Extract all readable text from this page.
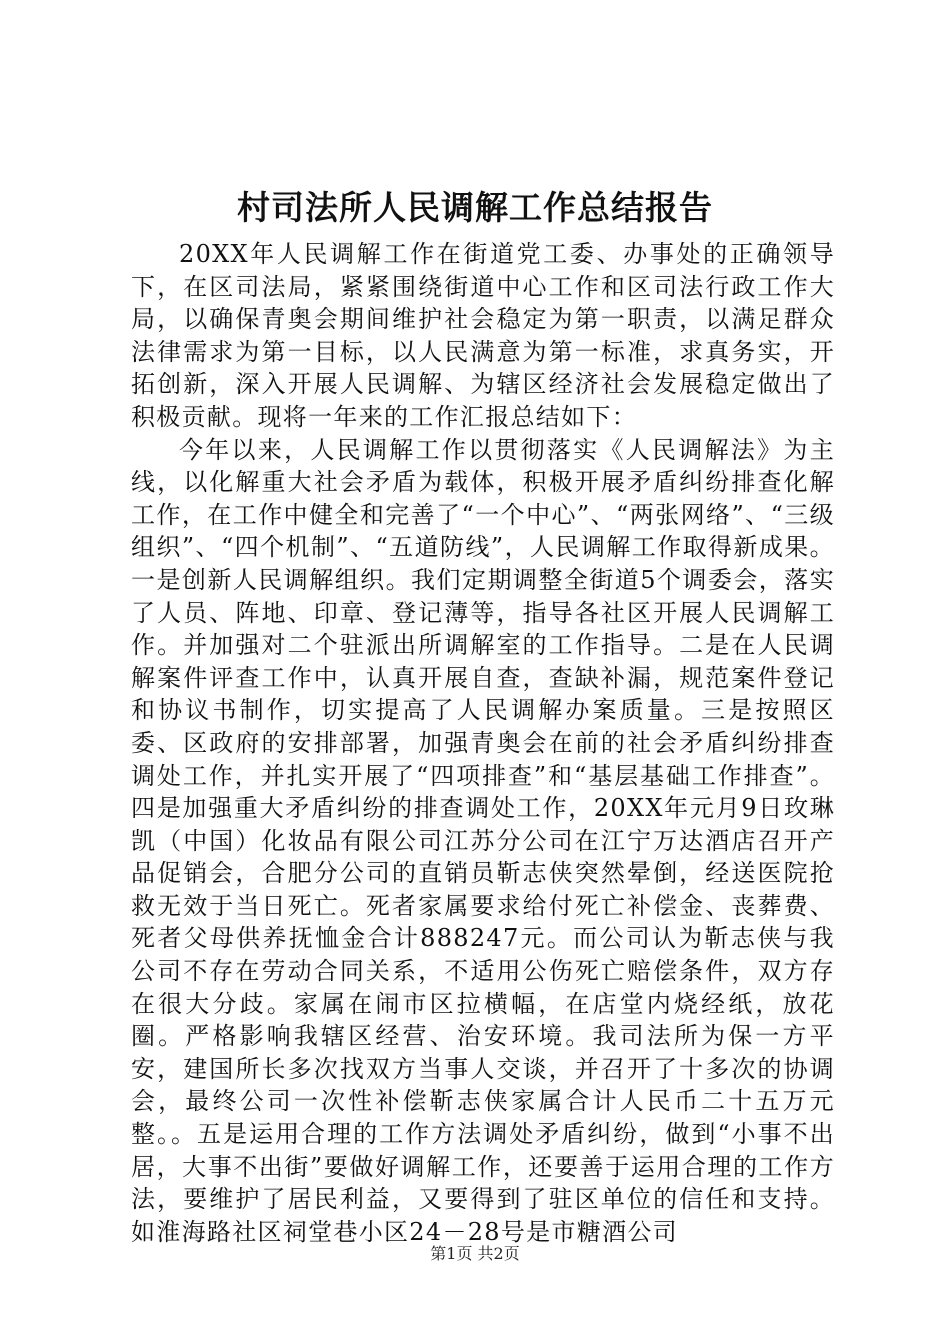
村司法所人民调解工作总结报告

20XX年人民调解工作在街道党工委、办事处的正确领导下，在区司法局，紧紧围绕街道中心工作和区司法行政工作大局，以确保青奥会期间维护社会稳定为第一职责，以满足群众法律需求为第一目标，以人民满意为第一标准，求真务实，开拓创新，深入开展人民调解、为辖区经济社会发展稳定做出了积极贡献。现将一年来的工作汇报总结如下：

今年以来，人民调解工作以贯彻落实《人民调解法》为主线，以化解重大社会矛盾为载体，积极开展矛盾纠纷排查化解工作，在工作中健全和完善了“一个中心”、“两张网络”、“三级组织”、“四个机制”、“五道防线”，人民调解工作取得新成果。一是创新人民调解组织。我们定期调整全街道5个调委会，落实了人员、阵地、印章、登记薄等，指导各社区开展人民调解工作。并加强对二个驻派出所调解室的工作指导。二是在人民调解案件评查工作中，认真开展自查，查缺补漏，规范案件登记和协议书制作，切实提高了人民调解办案质量。三是按照区委、区政府的安排部署，加强青奥会在前的社会矛盾纠纷排查调处工作，并扎实开展了“四项排查”和“基层基础工作排查”。四是加强重大矛盾纠纷的排查调处工作，20XX年元月9日玫琳凯（中国）化妆品有限公司江苏分公司在江宁万达酒店召开产品促销会，合肥分公司的直销员靳志侠突然晕倒，经送医院抢救无效于当日死亡。死者家属要求给付死亡补偿金、丧葬费、死者父母供养抚恤金合计888247元。而公司认为靳志侠与我公司不存在劳动合同关系，不适用公伤死亡赔偿条件，双方存在很大分歧。家属在闹市区拉横幅，在店堂内烧经纸，放花圈。严格影响我辖区经营、治安环境。我司法所为保一方平安，建国所长多次找双方当事人交谈，并召开了十多次的协调会，最终公司一次性补偿靳志侠家属合计人民币二十五万元整。。五是运用合理的工作方法调处矛盾纠纷，做到“小事不出居，大事不出街”要做好调解工作，还要善于运用合理的工作方法，要维护了居民利益，又要得到了驻区单位的信任和支持。如淮海路社区祠堂巷小区24－28号是市糖酒公司

第1页 共2页
